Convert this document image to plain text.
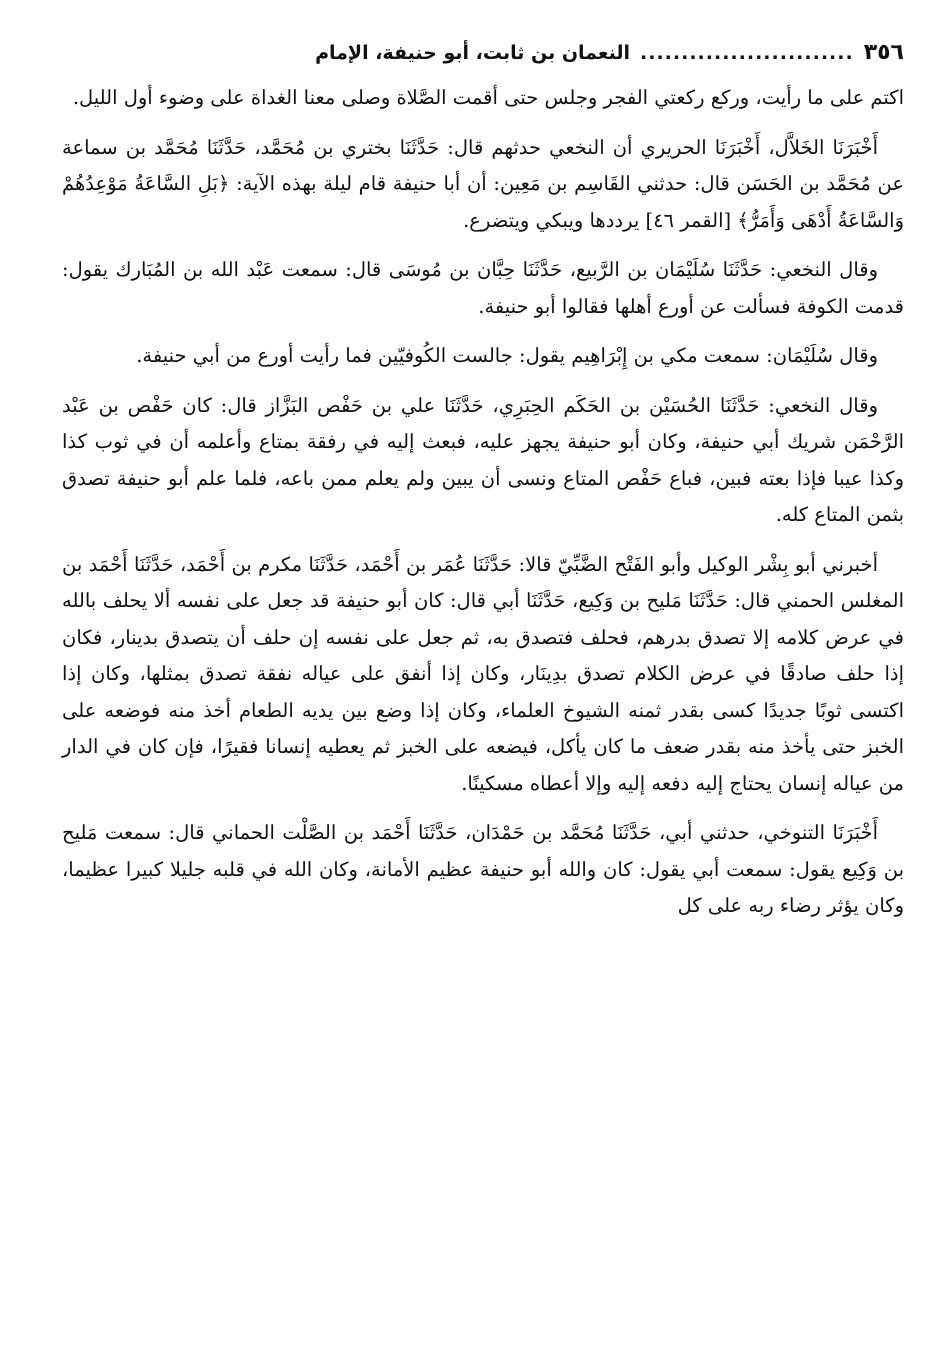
٣٥٦
..........................
النعمان بن ثابت، أبو حنيفة، الإمام

اكتم على ما رأيت، وركع ركعتي الفجر وجلس حتى أقمت الصَّلاة وصلى معنا الغداة على وضوء أول الليل.

أَخْبَرَنَا الخَلاَّل، أَخْبَرَنَا الحريري أن النخعي حدثهم قال: حَدَّثَنَا بختري بن مُحَمَّد، حَدَّثَنَا مُحَمَّد بن سماعة عن مُحَمَّد بن الحَسَن قال: حدثني القَاسِم بن مَعِين: أن أبا حنيفة قام ليلة بهذه الآية: ﴿بَلِ السَّاعَةُ مَوْعِدُهُمْ وَالسَّاعَةُ أَدْهَى وَأَمَرُّ﴾ [القمر ٤٦] يرددها ويبكي ويتضرع.

وقال النخعي: حَدَّثَنَا سُلَيْمَان بن الرَّبيع، حَدَّثَنَا حِبَّان بن مُوسَى قال: سمعت عَبْد الله بن المُبَارك يقول: قدمت الكوفة فسألت عن أورع أهلها فقالوا أبو حنيفة.

وقال سُلَيْمَان: سمعت مكي بن إِبْرَاهِيم يقول: جالست الكُوفيّين فما رأيت أورع من أبي حنيفة.

وقال النخعي: حَدَّثَنَا الحُسَيْن بن الحَكَم الحِبَرِي، حَدَّثَنَا علي بن حَفْص البَزَّاز قال: كان حَفْص بن عَبْد الرَّحْمَن شريك أبي حنيفة، وكان أبو حنيفة يجهز عليه، فبعث إليه في رفقة بمتاع وأعلمه أن في ثوب كذا وكذا عيبا فإذا بعته فبين، فباع حَفْص المتاع ونسى أن يبين ولم يعلم ممن باعه، فلما علم أبو حنيفة تصدق بثمن المتاع كله.

أخبرني أبو بِشْر الوكيل وأبو الفَتْح الضَّبِّيّ قالا: حَدَّثَنَا عُمَر بن أَحْمَد، حَدَّثَنَا مكرم بن أَحْمَد، حَدَّثَنَا أَحْمَد بن المغلس الحمني قال: حَدَّثَنَا مَليح بن وَكِيع، حَدَّثَنَا أبي قال: كان أبو حنيفة قد جعل على نفسه ألا يحلف بالله في عرض كلامه إلا تصدق بدرهم، فحلف فتصدق به، ثم جعل على نفسه إن حلف أن يتصدق بدينار، فكان إذا حلف صادقًا في عرض الكلام تصدق بدِينَار، وكان إذا أنفق على عياله نفقة تصدق بمثلها، وكان إذا اكتسى ثوبًا جديدًا كسى بقدر ثمنه الشيوخ العلماء، وكان إذا وضع بين يديه الطعام أخذ منه فوضعه على الخبز حتى يأخذ منه بقدر ضعف ما كان يأكل، فيضعه على الخبز ثم يعطيه إنسانا فقيرًا، فإن كان في الدار من عياله إنسان يحتاج إليه دفعه إليه وإلا أعطاه مسكينًا.

أَخْبَرَنَا التنوخي، حدثني أبي، حَدَّثَنَا مُحَمَّد بن حَمْدَان، حَدَّثَنَا أَحْمَد بن الصَّلْت الحماني قال: سمعت مَليح بن وَكِيع يقول: سمعت أبي يقول: كان والله أبو حنيفة عظيم الأمانة، وكان الله في قلبه جليلا كبيرا عظيما، وكان يؤثر رضاء ربه على كل
